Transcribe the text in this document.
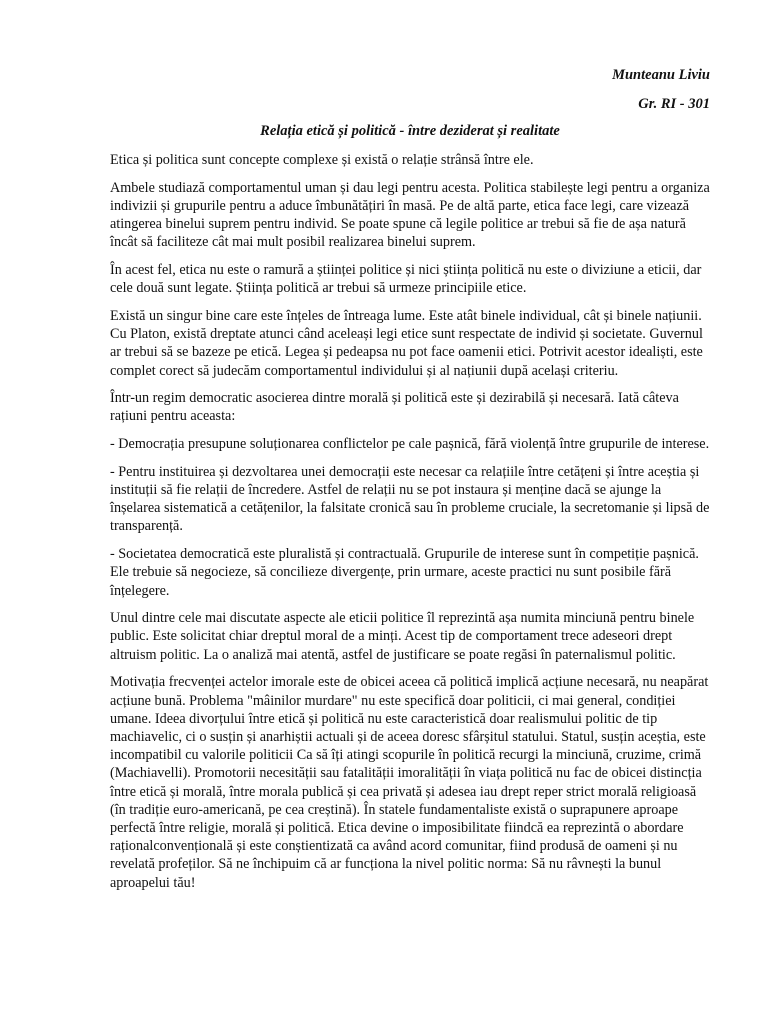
Munteanu Liviu
Gr. RI - 301
Relația etică și politică - între deziderat și realitate

Etica și politica sunt concepte complexe și există o relație strânsă între ele.

Ambele studiază comportamentul uman și dau legi pentru acesta. Politica stabilește legi pentru a organiza indivizii și grupurile pentru a aduce îmbunătățiri în masă. Pe de altă parte, etica face legi, care vizează atingerea binelui suprem pentru individ. Se poate spune că legile politice ar trebui să fie de așa natură încât să faciliteze cât mai mult posibil realizarea binelui suprem.

În acest fel, etica nu este o ramură a științei politice și nici știința politică nu este o diviziune a eticii, dar cele două sunt legate. Știința politică ar trebui să urmeze principiile etice.

Există un singur bine care este înțeles de întreaga lume. Este atât binele individual, cât și binele națiunii. Cu Platon, există dreptate atunci când aceleași legi etice sunt respectate de individ și societate. Guvernul ar trebui să se bazeze pe etică. Legea și pedeapsa nu pot face oamenii etici. Potrivit acestor idealiști, este complet corect să judecăm comportamentul individului și al națiunii după același criteriu.

Într-un regim democratic asocierea dintre morală și politică este și dezirabilă și necesară. Iată câteva rațiuni pentru aceasta:

- Democrația presupune soluționarea conflictelor pe cale pașnică, fără violență între grupurile de interese.

- Pentru instituirea și dezvoltarea unei democrații este necesar ca relațiile între cetățeni și între aceștia și instituții să fie relații de încredere. Astfel de relații nu se pot instaura și menține dacă se ajunge la înșelarea sistematică a cetățenilor, la falsitate cronică sau în probleme cruciale, la secretomanie și lipsă de transparență.

- Societatea democratică este pluralistă și contractuală. Grupurile de interese sunt în competiție pașnică. Ele trebuie să negocieze, să concilieze divergențe, prin urmare, aceste practici nu sunt posibile fără înțelegere.

Unul dintre cele mai discutate aspecte ale eticii politice îl reprezintă așa numita minciună pentru binele public. Este solicitat chiar dreptul moral de a minți. Acest tip de comportament trece adeseori drept altruism politic. La o analiză mai atentă, astfel de justificare se poate regăsi în paternalismul politic.

Motivația frecvenței actelor imorale este de obicei aceea că politică implică acțiune necesară, nu neapărat acțiune bună. Problema "mâinilor murdare" nu este specifică doar politicii, ci mai general, condiției umane. Ideea divorțului între etică și politică nu este caracteristică doar realismului politic de tip machiavelic, ci o susțin și anarhiștii actuali și de aceea doresc sfârșitul statului. Statul, susțin aceștia, este incompatibil cu valorile politicii Ca să îți atingi scopurile în politică recurgi la minciună, cruzime, crimă (Machiavelli). Promotorii necesității sau fatalității imoralității în viața politică nu fac de obicei distincția între etică și morală, între morala publică și cea privată și adesea iau drept reper strict morală religioasă (în tradiție euro-americană, pe cea creștină). În statele fundamentaliste există o suprapunere aproape perfectă între religie, morală și politică. Etica devine o imposibilitate fiindcă ea reprezintă o abordare raționalconvențională și este conștientizată ca având acord comunitar, fiind produsă de oameni și nu revelată profeților. Să ne închipuim că ar funcționa la nivel politic norma: Să nu râvnești la bunul aproapelui tău!
